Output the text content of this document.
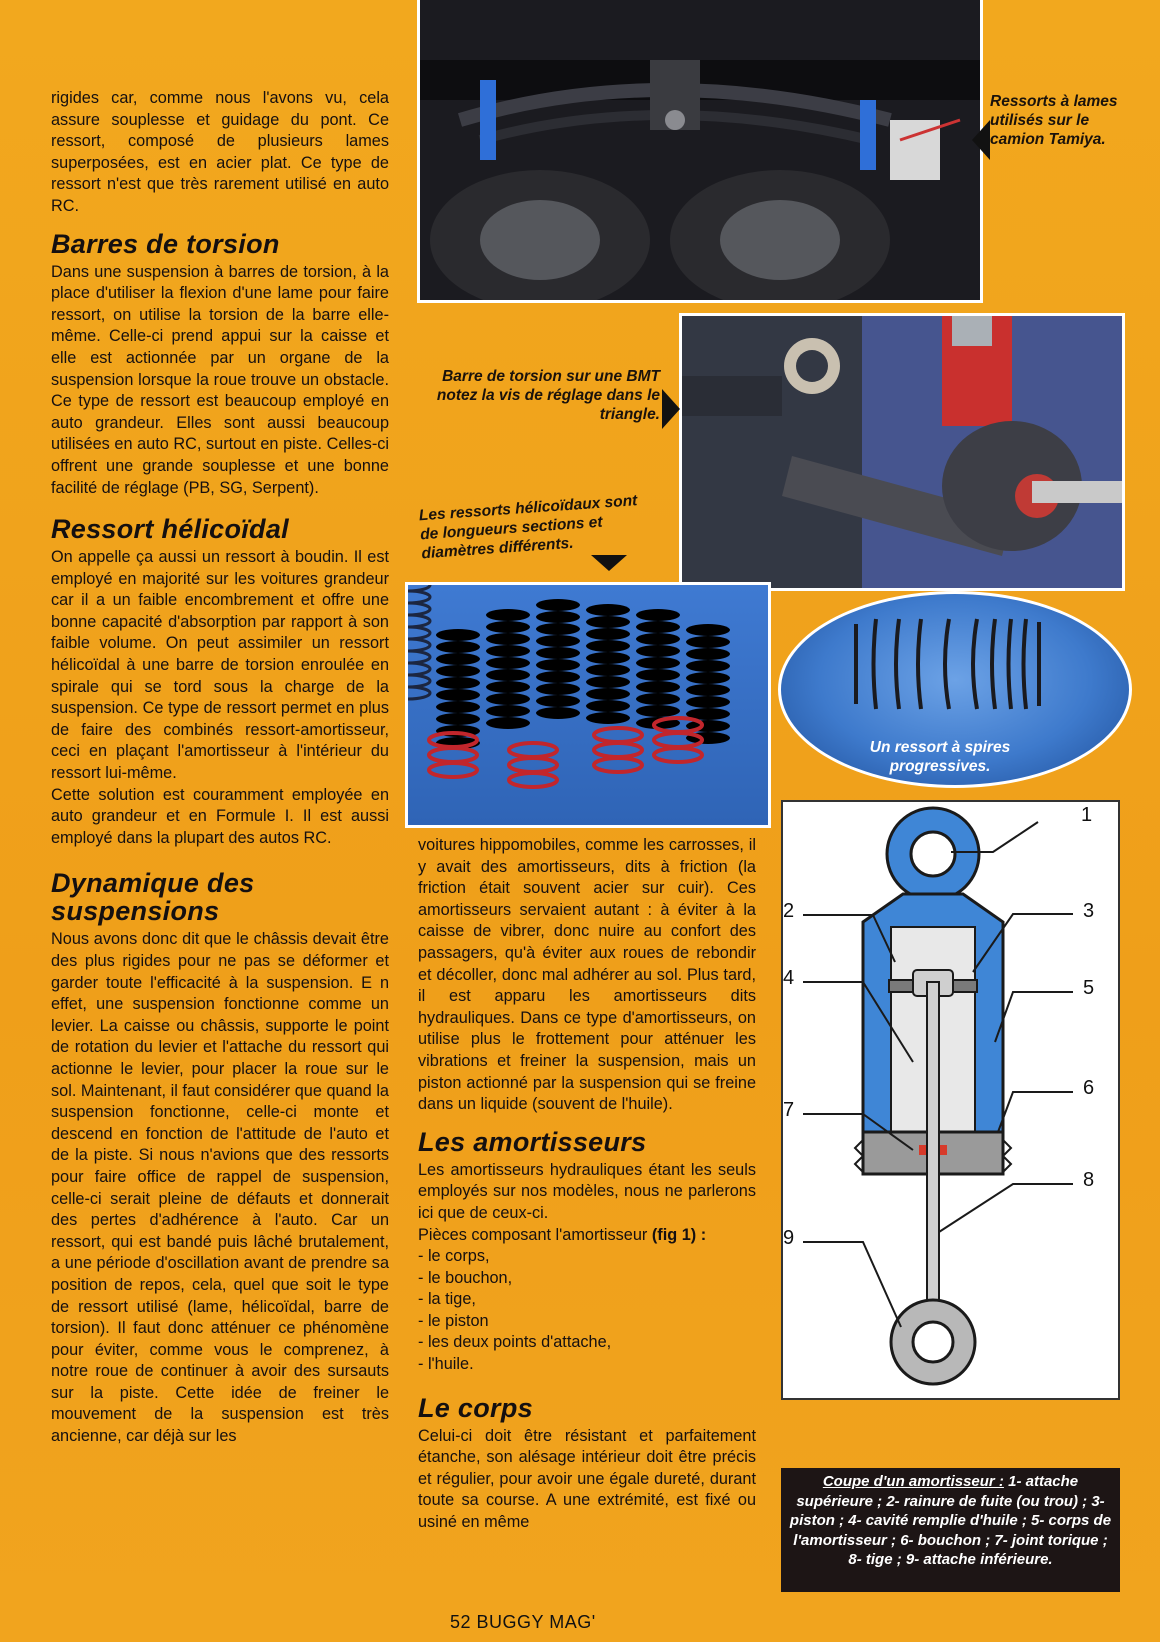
rigides car, comme nous l'avons vu, cela assure souplesse et guidage du pont. Ce ressort, composé de plusieurs lames superposées, est en acier plat. Ce type de ressort n'est que très rarement utilisé en auto RC.

Barres de torsion

Dans une suspension à barres de torsion, à la place d'utiliser la flexion d'une lame pour faire ressort, on utilise la torsion de la barre elle-même. Celle-ci prend appui sur la caisse et elle est actionnée par un organe de la suspension lorsque la roue trouve un obstacle. Ce type de ressort est beaucoup employé en auto grandeur. Elles sont aussi beaucoup utilisées en auto RC, surtout en piste. Celles-ci offrent une grande souplesse et une bonne facilité de réglage (PB, SG, Serpent).

Ressort hélicoïdal

On appelle ça aussi un ressort à boudin. Il est employé en majorité sur les voitures grandeur car il a un faible encombrement et offre une bonne capacité d'absorption par rapport à son faible volume. On peut assimiler un ressort hélicoïdal à une barre de torsion enroulée en spirale qui se tord sous la charge de la suspension. Ce type de ressort permet en plus de faire des combinés ressort-amortisseur, ceci en plaçant l'amortisseur à l'intérieur du ressort lui-même.

Cette solution est couramment employée en auto grandeur et en Formule I. Il est aussi employé dans la plupart des autos RC.

Dynamique des suspensions

Nous avons donc dit que le châssis devait être des plus rigides pour ne pas se déformer et garder toute l'efficacité à la suspension. E n effet, une suspension fonctionne comme un levier. La caisse ou châssis, supporte le point de rotation du levier et l'attache du ressort qui actionne le levier, pour placer la roue sur le sol. Maintenant, il faut considérer que quand la suspension fonctionne, celle-ci monte et descend en fonction de l'attitude de l'auto et de la piste. Si nous n'avions que des ressorts pour faire office de rappel de suspension, celle-ci serait pleine de défauts et donnerait des pertes d'adhérence à l'auto. Car un ressort, qui est bandé puis lâché brutalement, a une période d'oscillation avant de prendre sa position de repos, cela, quel que soit le type de ressort utilisé (lame, hélicoïdal, barre de torsion). Il faut donc atténuer ce phénomène pour éviter, comme vous le comprenez, à notre roue de continuer à avoir des sursauts sur la piste. Cette idée de freiner le mouvement de la suspension est très ancienne, car déjà sur les

voitures hippomobiles, comme les carrosses, il y avait des amortisseurs, dits à friction (la friction était souvent acier sur cuir). Ces amortisseurs servaient autant : à éviter à la caisse de vibrer, donc nuire au confort des passagers, qu'à éviter aux roues de rebondir et décoller, donc mal adhérer au sol. Plus tard, il est apparu les amortisseurs dits hydrauliques. Dans ce type d'amortisseurs, on utilise plus le frottement pour atténuer les vibrations et freiner la suspension, mais un piston actionné par la suspension qui se freine dans un liquide (souvent de l'huile).

Les amortisseurs

Les amortisseurs hydrauliques étant les seuls employés sur nos modèles, nous ne parlerons ici que de ceux-ci.

Pièces composant l'amortisseur (fig 1) :

- le corps,
- le bouchon,
- la tige,
- le piston
- les deux points d'attache,
- l'huile.
Le corps

Celui-ci doit être résistant et parfaitement étanche, son alésage intérieur doit être précis et régulier, pour avoir une égale dureté, durant toute sa course. A une extrémité, est fixé ou usiné en même

Ressorts à lames utilisés sur le camion Tamiya.
Barre de torsion sur une BMT notez la vis de réglage dans le triangle.
Les ressorts hélicoïdaux sont de longueurs sections et diamètres différents.
Un ressort à spires progressives.
1
2	3
4	5
6
7
8
9
Coupe d'un amortisseur : 1- attache supérieure ; 2- rainure de fuite (ou trou) ; 3- piston ; 4- cavité remplie d'huile ; 5- corps de l'amortisseur ; 6- bouchon ; 7- joint torique ; 8- tige ; 9- attache inférieure.
52 BUGGY MAG'
